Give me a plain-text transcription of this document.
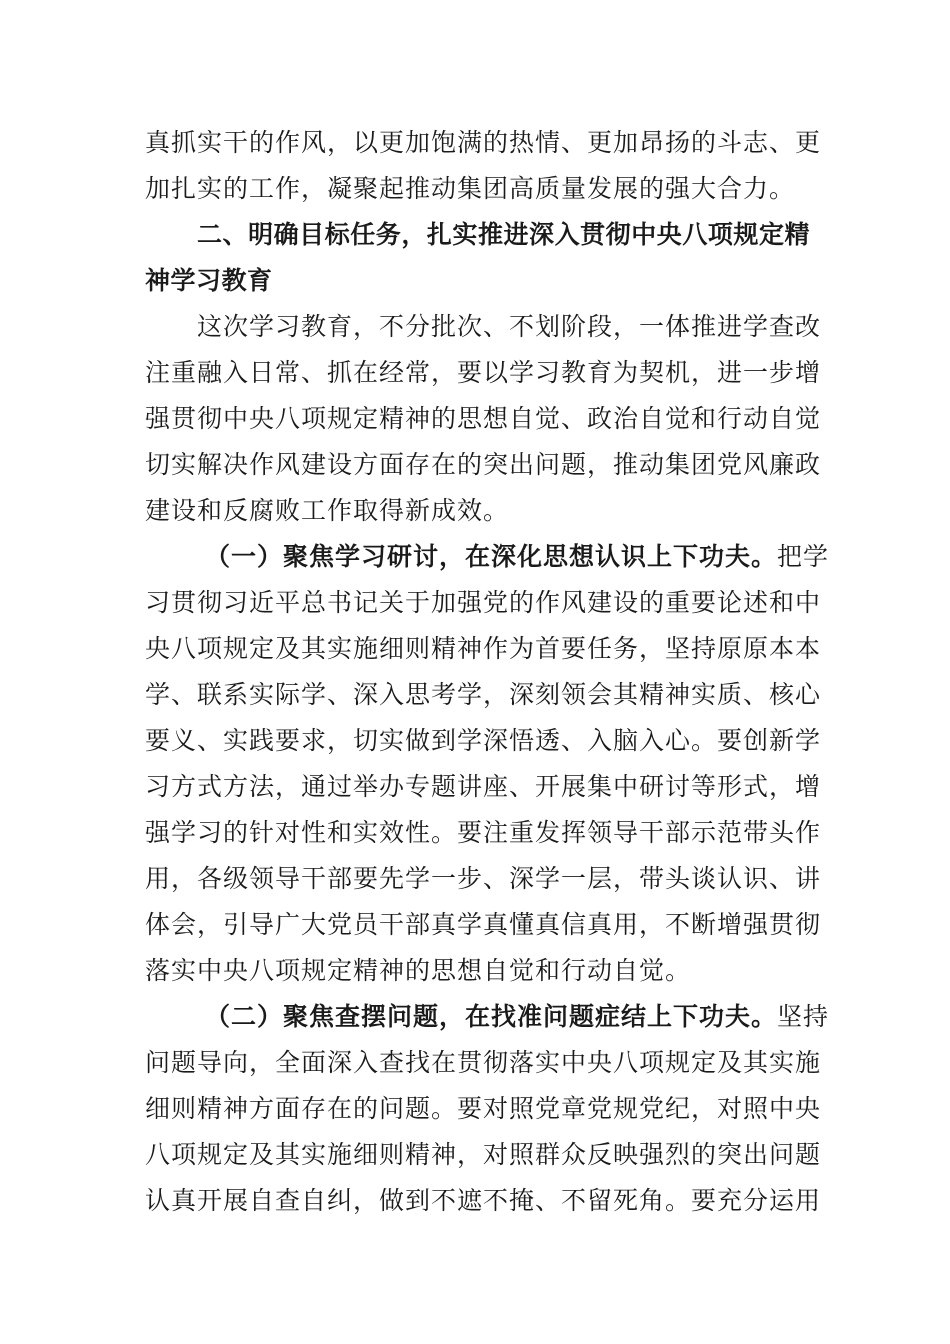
真抓实干的作风，以更加饱满的热情、更加昂扬的斗志、更
加扎实的工作，凝聚起推动集团高质量发展的强大合力。
二、明确目标任务，扎实推进深入贯彻中央八项规定精
神学习教育
这次学习教育，不分批次、不划阶段，一体推进学查改
注重融入日常、抓在经常，要以学习教育为契机，进一步增
强贯彻中央八项规定精神的思想自觉、政治自觉和行动自觉
切实解决作风建设方面存在的突出问题，推动集团党风廉政
建设和反腐败工作取得新成效。
（一）聚焦学习研讨，在深化思想认识上下功夫。把学
习贯彻习近平总书记关于加强党的作风建设的重要论述和中
央八项规定及其实施细则精神作为首要任务，坚持原原本本
学、联系实际学、深入思考学，深刻领会其精神实质、核心
要义、实践要求，切实做到学深悟透、入脑入心。要创新学
习方式方法，通过举办专题讲座、开展集中研讨等形式，增
强学习的针对性和实效性。要注重发挥领导干部示范带头作
用，各级领导干部要先学一步、深学一层，带头谈认识、讲
体会，引导广大党员干部真学真懂真信真用，不断增强贯彻
落实中央八项规定精神的思想自觉和行动自觉。
（二）聚焦查摆问题，在找准问题症结上下功夫。坚持
问题导向，全面深入查找在贯彻落实中央八项规定及其实施
细则精神方面存在的问题。要对照党章党规党纪，对照中央
八项规定及其实施细则精神，对照群众反映强烈的突出问题
认真开展自查自纠，做到不遮不掩、不留死角。要充分运用
